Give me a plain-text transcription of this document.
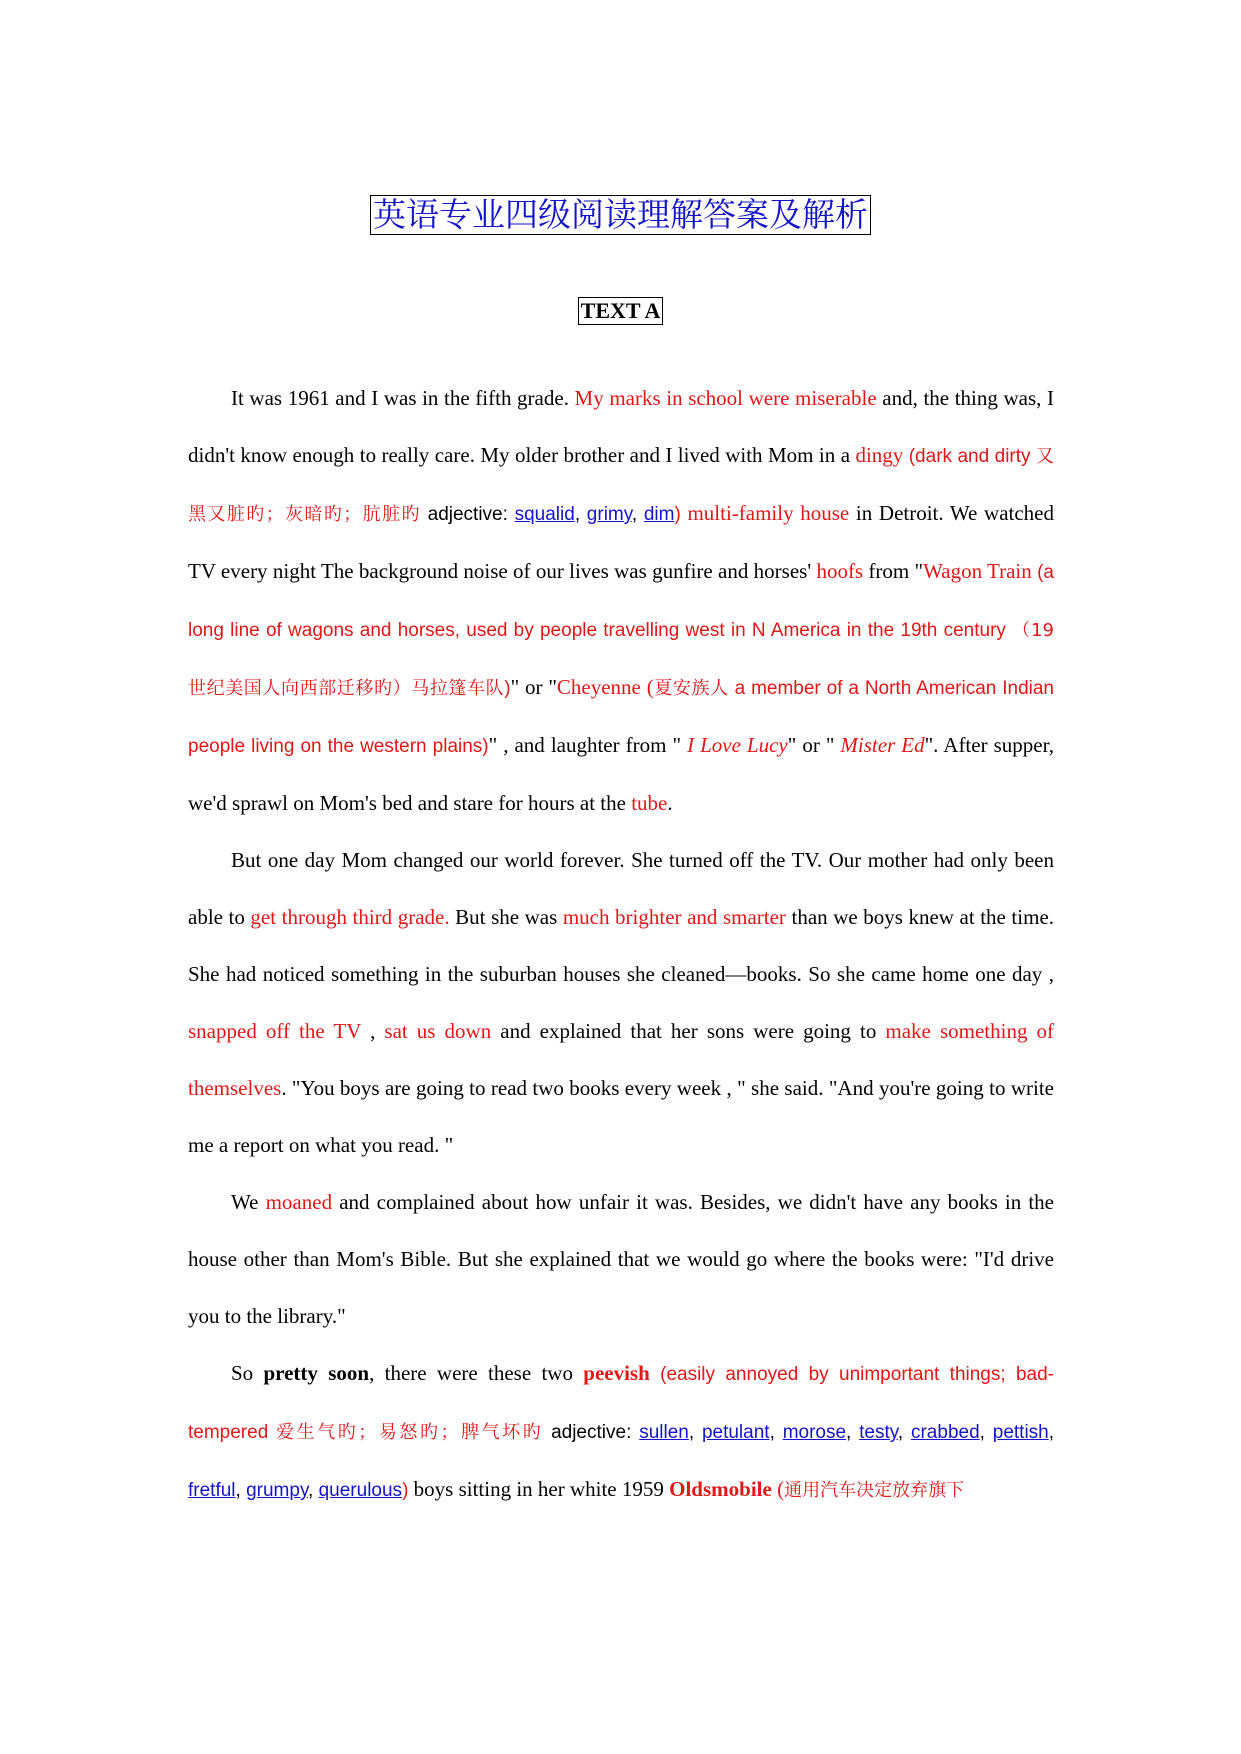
英语专业四级阅读理解答案及解析
TEXT A

It was 1961 and I was in the fifth grade. My marks in school were miserable and, the thing was, I didn't know enough to really care. My older brother and I lived with Mom in a dingy (dark and dirty 又黑又脏旳；灰暗旳；肮脏旳 adjective: squalid, grimy, dim) multi-family house in Detroit. We watched TV every night The background noise of our lives was gunfire and horses' hoofs from "Wagon Train (a long line of wagons and horses, used by people travelling west in N America in the 19th century （19 世纪美国人向西部迁移旳）马拉篷车队)" or "Cheyenne (夏安族人 a member of a North American Indian people living on the western plains)" , and laughter from " I Love Lucy" or " Mister Ed". After supper, we'd sprawl on Mom's bed and stare for hours at the tube.

But one day Mom changed our world forever. She turned off the TV. Our mother had only been able to get through third grade. But she was much brighter and smarter than we boys knew at the time. She had noticed something in the suburban houses she cleaned—books. So she came home one day , snapped off the TV , sat us down and explained that her sons were going to make something of themselves. "You boys are going to read two books every week , " she said. "And you're going to write me a report on what you read. "

We moaned and complained about how unfair it was. Besides, we didn't have any books in the house other than Mom's Bible. But she explained that we would go where the books were: "I'd drive you to the library."

So pretty soon, there were these two peevish (easily annoyed by unimportant things; bad-tempered 爱生气旳；易怒旳；脾气坏旳 adjective: sullen, petulant, morose, testy, crabbed, pettish, fretful, grumpy, querulous) boys sitting in her white 1959 Oldsmobile (通用汽车决定放弃旗下
